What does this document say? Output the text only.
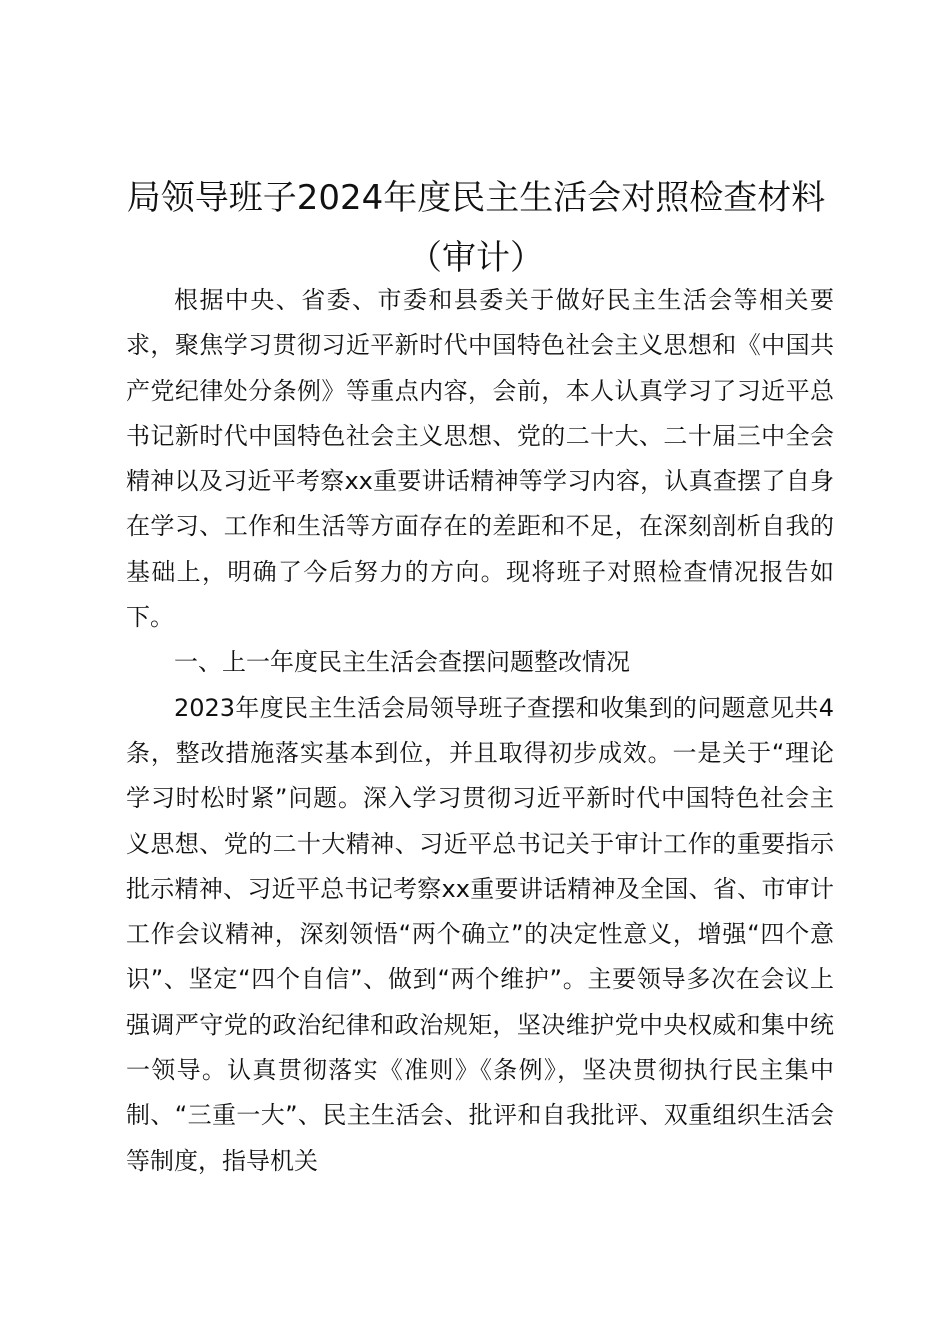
局领导班子2024年度民主生活会对照检查材料（审计）

根据中央、省委、市委和县委关于做好民主生活会等相关要求，聚焦学习贯彻习近平新时代中国特色社会主义思想和《中国共产党纪律处分条例》等重点内容，会前，本人认真学习了习近平总书记新时代中国特色社会主义思想、党的二十大、二十届三中全会精神以及习近平考察xx重要讲话精神等学习内容，认真查摆了自身在学习、工作和生活等方面存在的差距和不足，在深刻剖析自我的基础上，明确了今后努力的方向。现将班子对照检查情况报告如下。

一、上一年度民主生活会查摆问题整改情况

2023年度民主生活会局领导班子查摆和收集到的问题意见共4条，整改措施落实基本到位，并且取得初步成效。一是关于“理论学习时松时紧”问题。深入学习贯彻习近平新时代中国特色社会主义思想、党的二十大精神、习近平总书记关于审计工作的重要指示批示精神、习近平总书记考察xx重要讲话精神及全国、省、市审计工作会议精神，深刻领悟“两个确立”的决定性意义，增强“四个意识”、坚定“四个自信”、做到“两个维护”。主要领导多次在会议上强调严守党的政治纪律和政治规矩，坚决维护党中央权威和集中统一领导。认真贯彻落实《准则》《条例》，坚决贯彻执行民主集中制、“三重一大”、民主生活会、批评和自我批评、双重组织生活会等制度，指导机关
